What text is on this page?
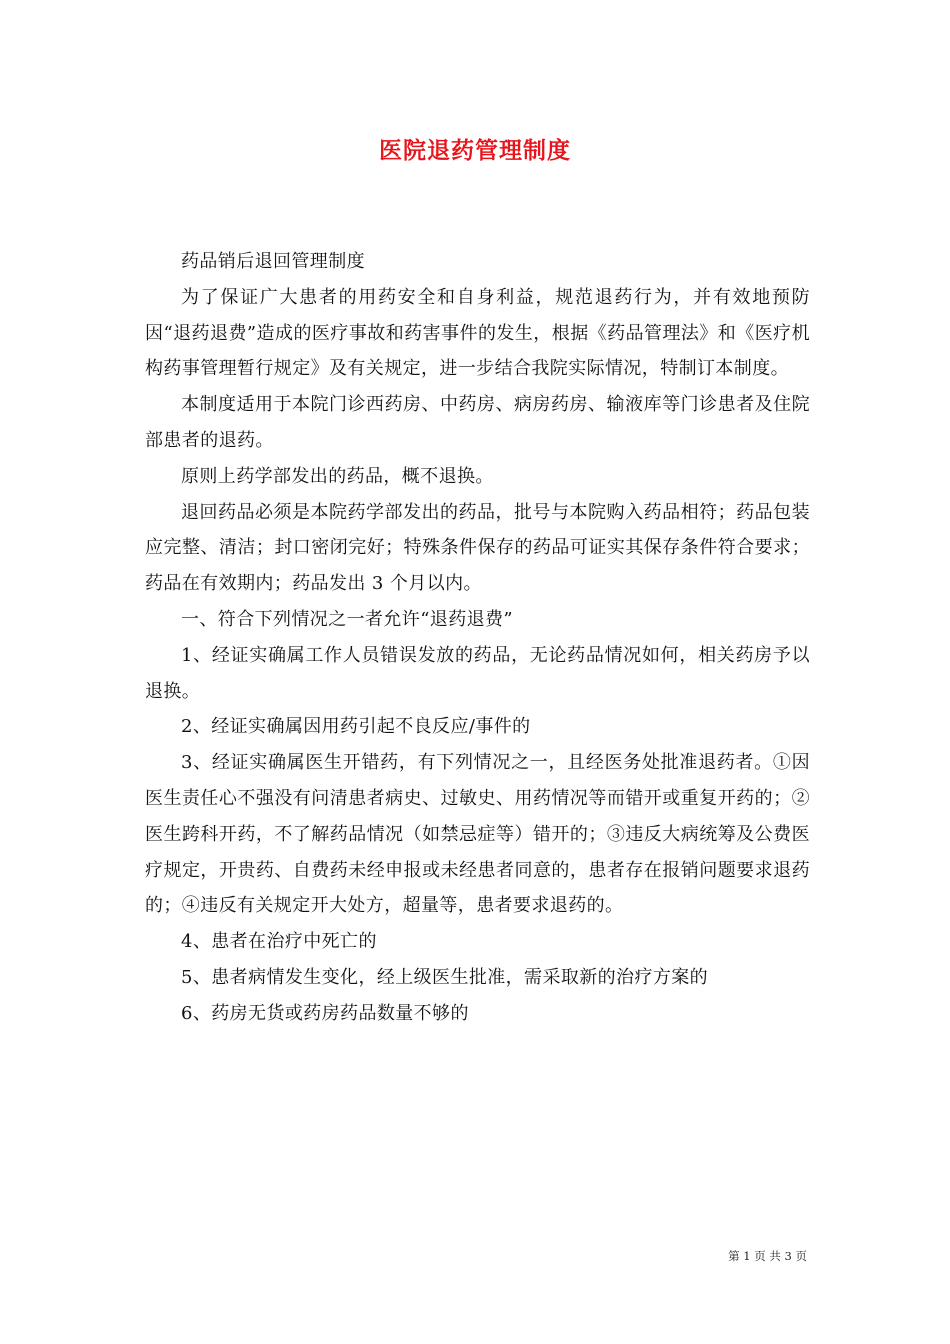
医院退药管理制度

药品销后退回管理制度

为了保证广大患者的用药安全和自身利益，规范退药行为，并有效地预防因“退药退费”造成的医疗事故和药害事件的发生，根据《药品管理法》和《医疗机构药事管理暂行规定》及有关规定，进一步结合我院实际情况，特制订本制度。

本制度适用于本院门诊西药房、中药房、病房药房、输液库等门诊患者及住院部患者的退药。

原则上药学部发出的药品，概不退换。

退回药品必须是本院药学部发出的药品，批号与本院购入药品相符；药品包装应完整、清洁；封口密闭完好；特殊条件保存的药品可证实其保存条件符合要求；药品在有效期内；药品发出 3 个月以内。

一、符合下列情况之一者允许“退药退费”

1、经证实确属工作人员错误发放的药品，无论药品情况如何，相关药房予以退换。

2、经证实确属因用药引起不良反应/事件的

3、经证实确属医生开错药，有下列情况之一，且经医务处批准退药者。①因医生责任心不强没有问清患者病史、过敏史、用药情况等而错开或重复开药的；②医生跨科开药，不了解药品情况（如禁忌症等）错开的；③违反大病统筹及公费医疗规定，开贵药、自费药未经申报或未经患者同意的，患者存在报销问题要求退药的；④违反有关规定开大处方，超量等，患者要求退药的。

4、患者在治疗中死亡的

5、患者病情发生变化，经上级医生批准，需采取新的治疗方案的

6、药房无货或药房药品数量不够的

第 1 页 共 3 页
